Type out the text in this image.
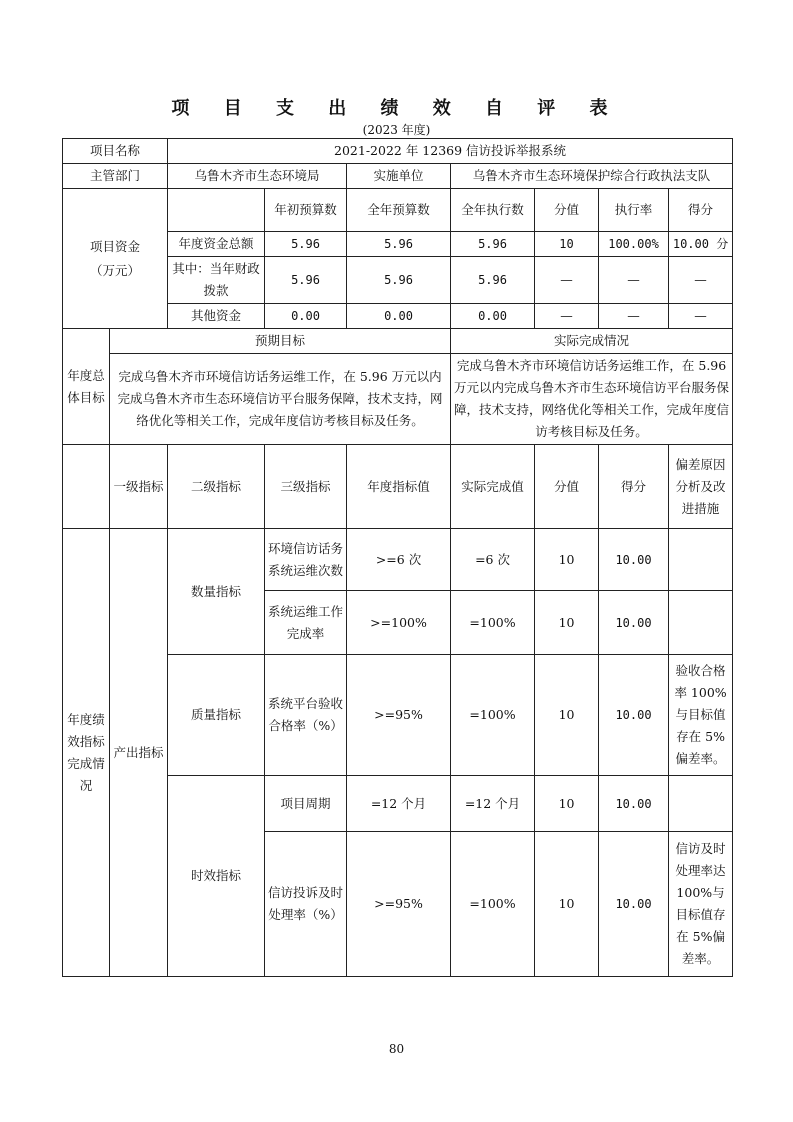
项 目 支 出 绩 效 自 评 表
(2023 年度)
项目名称		2021-2022 年 12369 信访投诉举报系统						
主管部门		乌鲁木齐市生态环境局		实施单位	乌鲁木齐市生态环境保护综合行政执法支队			
项目资金
（万元）			年初预算数	全年预算数	全年执行数	分值	执行率	得分
		年度资金总额	5.96	5.96	5.96	10	100.00%	10.00 分
		其中：当年财政拨款	5.96	5.96	5.96	—	—	—
		其他资金	0.00	0.00	0.00	—	—	—
年度总体目标	预期目标				实际完成情况			
	完成乌鲁木齐市环境信访话务运维工作，在 5.96 万元以内完成乌鲁木齐市生态环境信访平台服务保障，技术支持，网络优化等相关工作，完成年度信访考核目标及任务。				完成乌鲁木齐市环境信访话务运维工作，在 5.96 万元以内完成乌鲁木齐市生态环境信访平台服务保障，技术支持，网络优化等相关工作，完成年度信访考核目标及任务。			
	一级指标	二级指标	三级指标	年度指标值	实际完成值	分值	得分	偏差原因分析及改进措施
年度绩效指标完成情况	产出指标	数量指标	环境信访话务系统运维次数	>=6 次	=6 次	10	10.00	
			系统运维工作完成率	>=100%	=100%	10	10.00	
		质量指标	系统平台验收合格率（%）	>=95%	=100%	10	10.00	验收合格率 100%与目标值存在 5%偏差率。
		时效指标	项目周期	=12 个月	=12 个月	10	10.00	
			信访投诉及时处理率（%）	>=95%	=100%	10	10.00	信访及时处理率达 100%与目标值存在 5%偏差率。
80
